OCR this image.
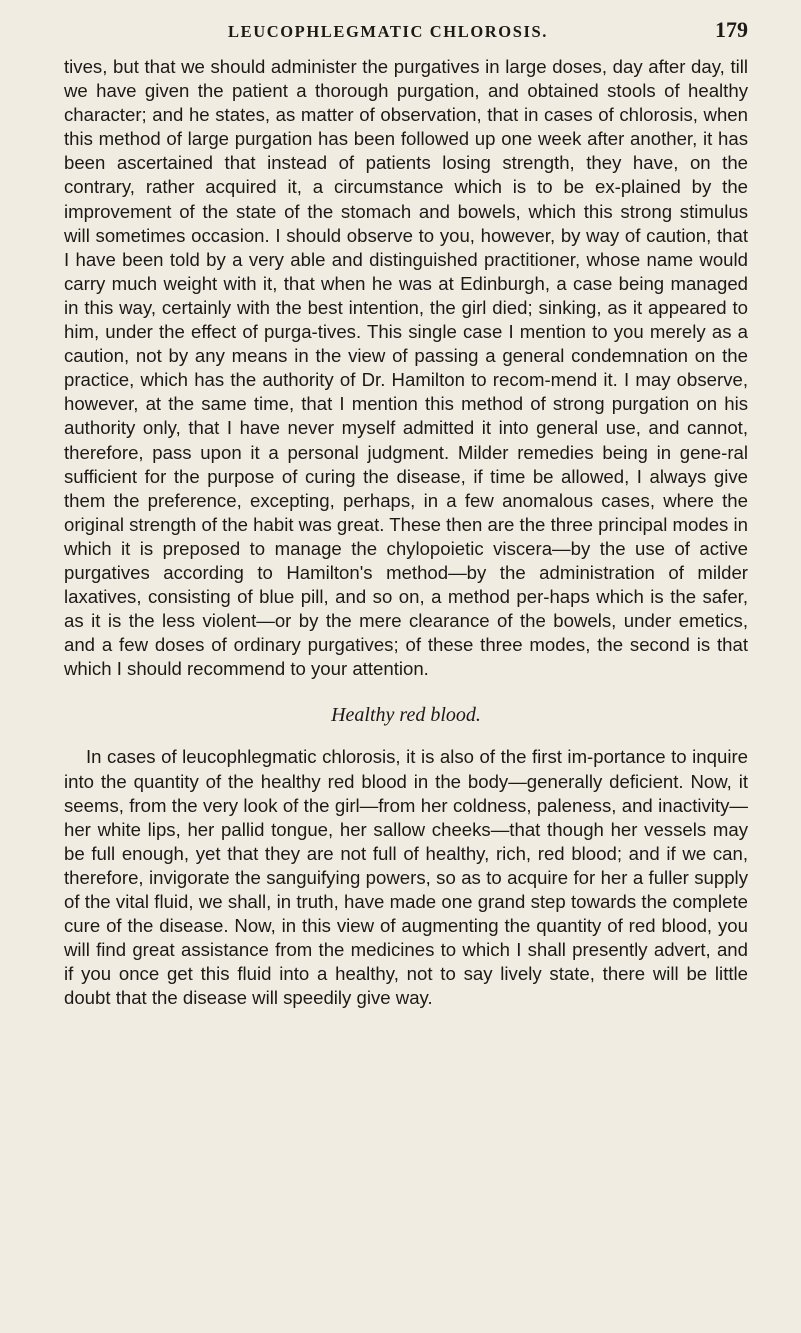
LEUCOPHLEGMATIC CHLOROSIS.	179

tives, but that we should administer the purgatives in large doses, day after day, till we have given the patient a thorough purgation, and obtained stools of healthy character; and he states, as matter of observation, that in cases of chlorosis, when this method of large purgation has been followed up one week after another, it has been ascertained that instead of patients losing strength, they have, on the contrary, rather acquired it, a circumstance which is to be ex-plained by the improvement of the state of the stomach and bowels, which this strong stimulus will sometimes occasion. I should observe to you, however, by way of caution, that I have been told by a very able and distinguished practitioner, whose name would carry much weight with it, that when he was at Edinburgh, a case being managed in this way, certainly with the best intention, the girl died; sinking, as it appeared to him, under the effect of purga-tives. This single case I mention to you merely as a caution, not by any means in the view of passing a general condemnation on the practice, which has the authority of Dr. Hamilton to recom-mend it. I may observe, however, at the same time, that I mention this method of strong purgation on his authority only, that I have never myself admitted it into general use, and cannot, therefore, pass upon it a personal judgment. Milder remedies being in gene-ral sufficient for the purpose of curing the disease, if time be allowed, I always give them the preference, excepting, perhaps, in a few anomalous cases, where the original strength of the habit was great. These then are the three principal modes in which it is preposed to manage the chylopoietic viscera—by the use of active purgatives according to Hamilton's method—by the administration of milder laxatives, consisting of blue pill, and so on, a method per-haps which is the safer, as it is the less violent—or by the mere clearance of the bowels, under emetics, and a few doses of ordinary purgatives; of these three modes, the second is that which I should recommend to your attention.

Healthy red blood.

In cases of leucophlegmatic chlorosis, it is also of the first im-portance to inquire into the quantity of the healthy red blood in the body—generally deficient. Now, it seems, from the very look of the girl—from her coldness, paleness, and inactivity—her white lips, her pallid tongue, her sallow cheeks—that though her vessels may be full enough, yet that they are not full of healthy, rich, red blood; and if we can, therefore, invigorate the sanguifying powers, so as to acquire for her a fuller supply of the vital fluid, we shall, in truth, have made one grand step towards the complete cure of the disease. Now, in this view of augmenting the quantity of red blood, you will find great assistance from the medicines to which I shall presently advert, and if you once get this fluid into a healthy, not to say lively state, there will be little doubt that the disease will speedily give way.
